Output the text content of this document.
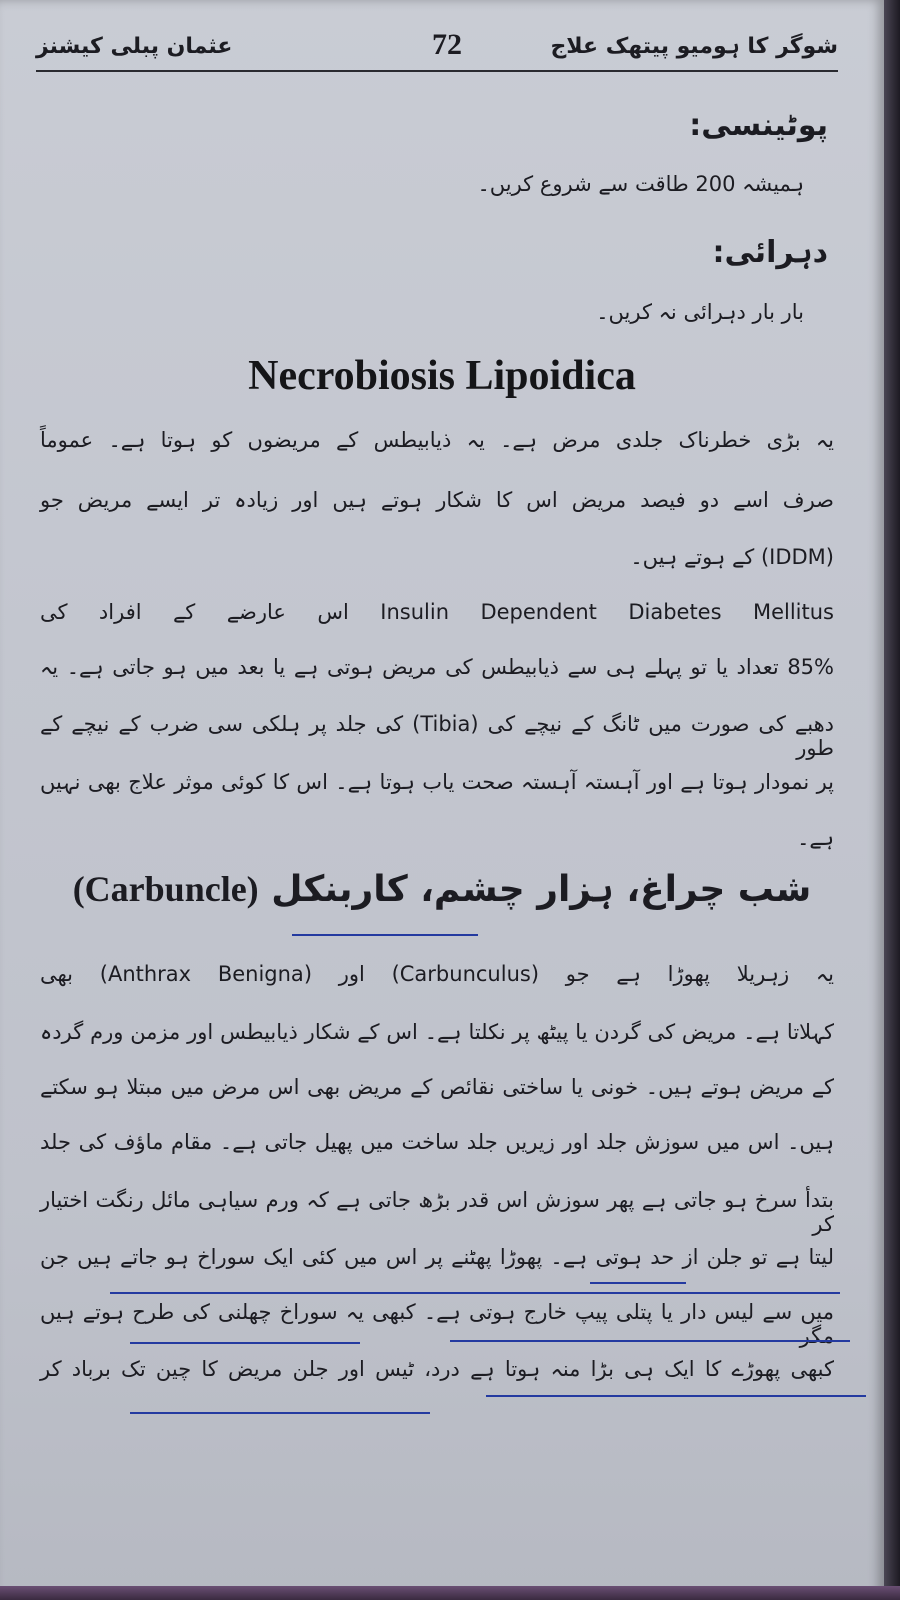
عثمان پبلی کیشنز	72	شوگر کا ہومیو پیتھک علاج
پوٹینسی:
ہمیشہ 200 طاقت سے شروع کریں۔
دہرائی:
بار بار دہرائی نہ کریں۔
Necrobiosis Lipoidica
یہ بڑی خطرناک جلدی مرض ہے۔ یہ ذیابیطس کے مریضوں کو ہوتا ہے۔ عموماً
صرف اسے دو فیصد مریض اس کا شکار ہوتے ہیں اور زیادہ تر ایسے مریض جو
(IDDM) کے ہوتے ہیں۔
Insulin Dependent Diabetes Mellitus اس عارضے کے افراد کی
85% تعداد یا تو پہلے ہی سے ذیابیطس کی مریض ہوتی ہے یا بعد میں ہو جاتی ہے۔ یہ
دھبے کی صورت میں ٹانگ کے نیچے کی (Tibia) کی جلد پر ہلکی سی ضرب کے نیچے کے طور
پر نمودار ہوتا ہے اور آہستہ آہستہ صحت یاب ہوتا ہے۔ اس کا کوئی موثر علاج بھی نہیں
ہے۔
شب چراغ، ہزار چشم، کاربنکل (Carbuncle)
یہ زہریلا پھوڑا ہے جو (Carbunculus) اور (Anthrax Benigna) بھی
کہلاتا ہے۔ مریض کی گردن یا پیٹھ پر نکلتا ہے۔ اس کے شکار ذیابیطس اور مزمن ورم گردہ
کے مریض ہوتے ہیں۔ خونی یا ساختی نقائص کے مریض بھی اس مرض میں مبتلا ہو سکتے
ہیں۔ اس میں سوزش جلد اور زیریں جلد ساخت میں پھیل جاتی ہے۔ مقام ماؤف کی جلد
بتدأ سرخ ہو جاتی ہے پھر سوزش اس قدر بڑھ جاتی ہے کہ ورم سیاہی مائل رنگت اختیار کر
لیتا ہے تو جلن از حد ہوتی ہے۔ پھوڑا پھٹنے پر اس میں کئی ایک سوراخ ہو جاتے ہیں جن
میں سے لیس دار یا پتلی پیپ خارج ہوتی ہے۔ کبھی یہ سوراخ چھلنی کی طرح ہوتے ہیں مگر
کبھی پھوڑے کا ایک ہی بڑا منہ ہوتا ہے درد، ٹیس اور جلن مریض کا چین تک برباد کر
